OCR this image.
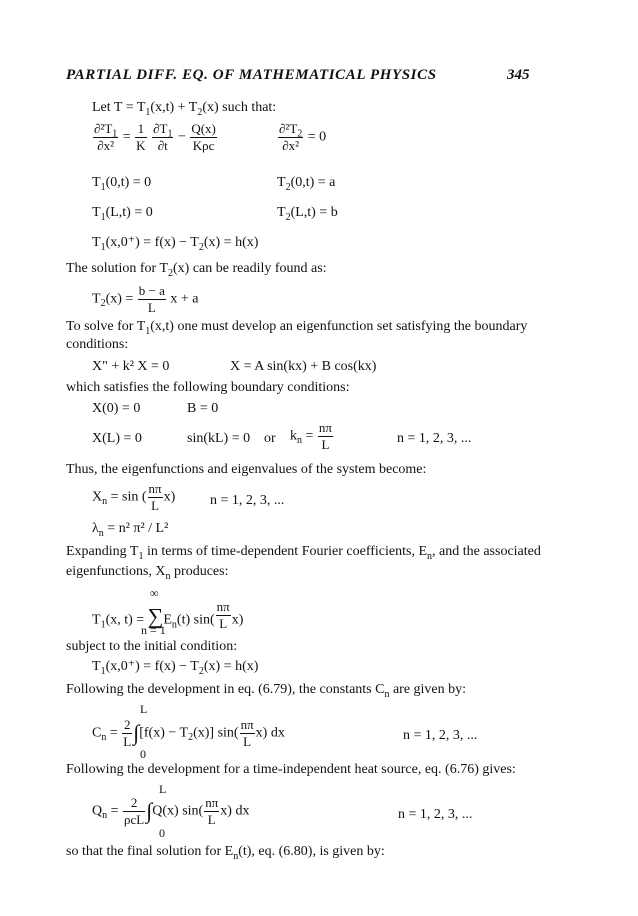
PARTIAL DIFF. EQ. OF MATHEMATICAL PHYSICS	345
Let $T = T_1(x,t) + T_2(x)$ such that:
$\frac{\partial^2T_1}{\text{∂x²}} = \frac{1}{K}$
$\frac{\partial T_1}{\partial t} - \frac{Q(x)}{\text{Kρc}}$	$\frac{\partial^2T_2}{\text{∂x²}} = 0$
$T_1(0,t) = 0$	$T_2(0,t) = a$
$T_1(L,t) = 0$	$T_2(L,t) = b$
$T_1(x,0^+) = f(x) - T_2(x) = h(x)$
The solution for $T_2(x)$ can be readily found as:
$T_2(x) = \frac{b - a}{L}$ x + a
To solve for $T_1(x,t)$ one must develop an eigenfunction set satisfying the boundary
conditions:
X" + k² X = 0	X = A sin(kx) + B cos(kx)
which satisfies the following boundary conditions:
X(0) = 0	B = 0
X(L) = 0	sin(kL) = 0 or $k_n = \frac{n\pi}{L}$	n = 1, 2, 3, ...
Thus, the eigenfunctions and eigenvalues of the system become:
$X_n = \sin$ ( $\frac{n\pi}{L} x$) n = 1, 2, 3, ...
$\lambda_n = n^2$ π² / L²
Expanding $T_1$ in terms of time-dependent Fourier coefficients, $E_n$, and the associated
eigenfunctions, $X_n$ produces:
∞
$T_1(x$, $t) = \sum E_n(t)$ $\sin( \frac{n\pi}{L} x)$
n = 1
subject to the initial condition:
$T_1(x,0^+) = f(x) - T_2(x) = h(x)$
Following the development in eq. (6.79), the constants $C_n$ are given by:
L
$C_n = \frac{2}{L} \int[f(x) - T_2(x)]$ $\sin( \frac{n\pi}{L} x)$ dx
0
n = 1, 2, 3, ...
Following the development for a time-independent heat source, eq. (6.76) gives:
L
$Q_n = \frac{2}{\text{ρcL}} \int Q(x)$ $\sin( \frac{n\pi}{L} x)$ dx
0
n = 1, 2, 3, ...
so that the final solution for $E_n(t)$, eq. (6.80), is given by:
